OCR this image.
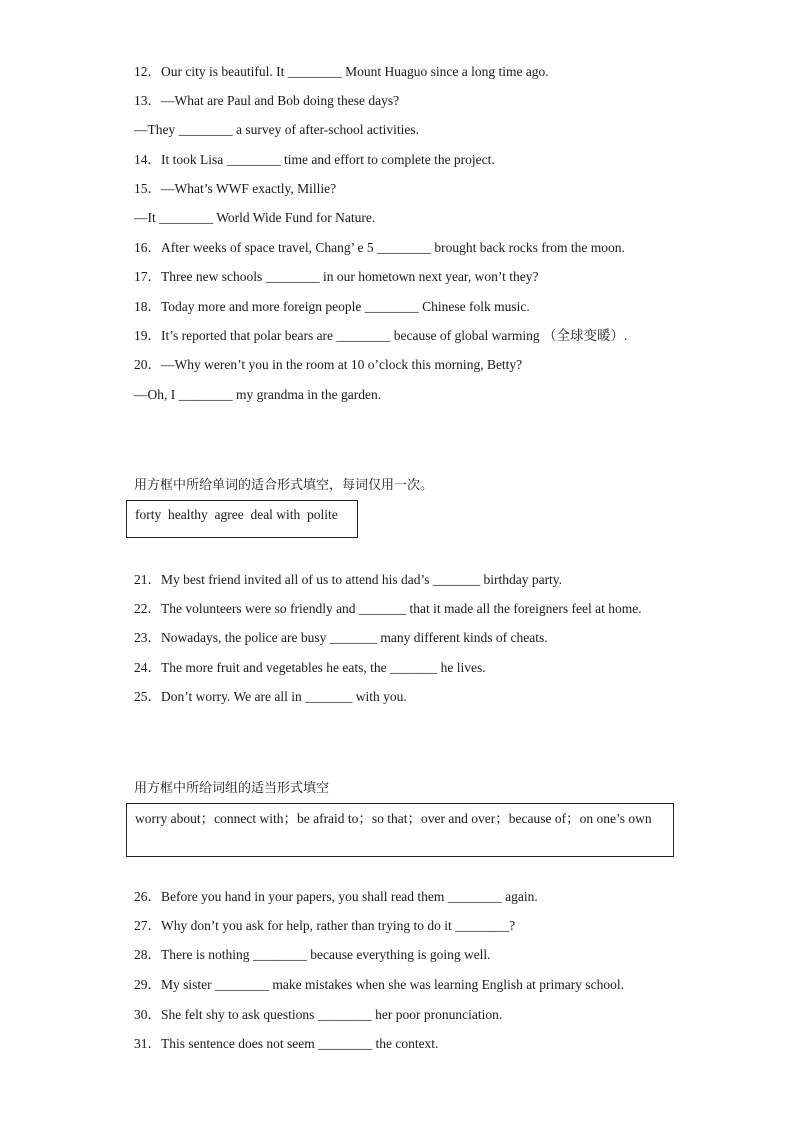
12．Our city is beautiful. It ________ Mount Huaguo since a long time ago.
13．—What are Paul and Bob doing these days?
—They ________ a survey of after-school activities.
14．It took Lisa ________ time and effort to complete the project.
15．—What’s WWF exactly, Millie?
—It ________ World Wide Fund for Nature.
16．After weeks of space travel, Chang’ e 5 ________ brought back rocks from the moon.
17．Three new schools ________ in our hometown next year, won’t they?
18．Today more and more foreign people ________ Chinese folk music.
19．It’s reported that polar bears are ________ because of global warming （全球变暖）.
20．—Why weren’t you in the room at 10 o’clock this morning, Betty?
—Oh, I ________ my grandma in the garden.
用方框中所给单词的适合形式填空，每词仅用一次。
forty  healthy  agree  deal with  polite
21．My best friend invited all of us to attend his dad’s _______ birthday party.
22．The volunteers were so friendly and _______ that it made all the foreigners feel at home.
23．Nowadays, the police are busy _______ many different kinds of cheats.
24．The more fruit and vegetables he eats, the _______ he lives.
25．Don’t worry. We are all in _______ with you.
用方框中所给词组的适当形式填空
worry about；connect with；be afraid to；so that；over and over；because of；on one’s own
26．Before you hand in your papers, you shall read them ________ again.
27．Why don’t you ask for help, rather than trying to do it ________?
28．There is nothing ________ because everything is going well.
29．My sister ________ make mistakes when she was learning English at primary school.
30．She felt shy to ask questions ________ her poor pronunciation.
31．This sentence does not seem ________ the context.
